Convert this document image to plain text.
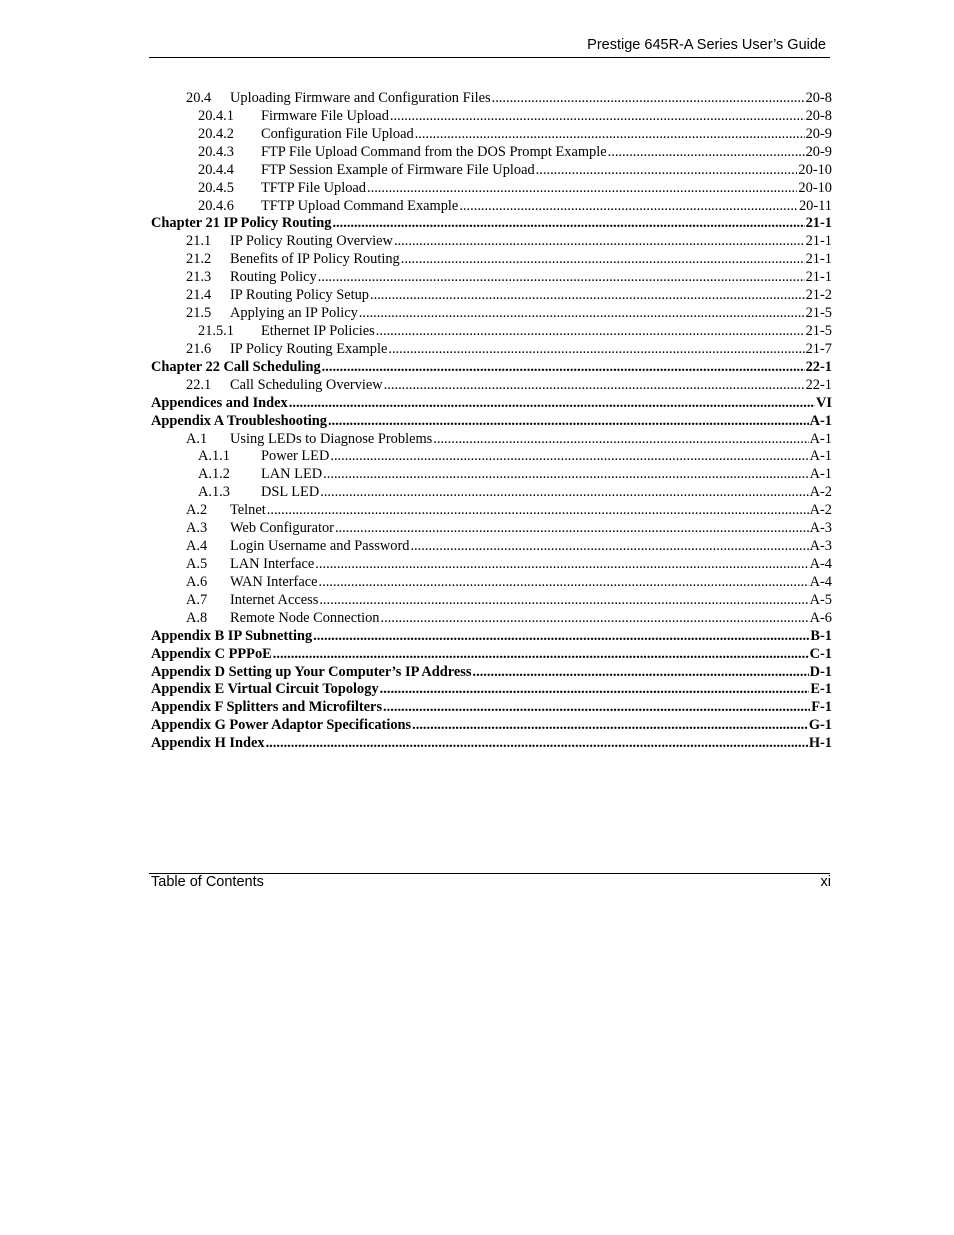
Prestige 645R-A Series User’s Guide
20.4	Uploading Firmware and Configuration Files .....	20-8
20.4.1	Firmware File Upload .....	20-8
20.4.2	Configuration File Upload .....	20-9
20.4.3	FTP File Upload Command from the DOS Prompt Example .....	20-9
20.4.4	FTP Session Example of Firmware File Upload .....	20-10
20.4.5	TFTP File Upload .....	20-10
20.4.6	TFTP Upload Command Example .....	20-11
Chapter 21 IP Policy Routing .....	21-1
21.1	IP Policy Routing Overview .....	21-1
21.2	Benefits of IP Policy Routing .....	21-1
21.3	Routing Policy .....	21-1
21.4	IP Routing Policy Setup .....	21-2
21.5	Applying an IP Policy .....	21-5
21.5.1	Ethernet IP Policies .....	21-5
21.6	IP Policy Routing Example .....	21-7
Chapter 22 Call Scheduling .....	22-1
22.1	Call Scheduling Overview .....	22-1
Appendices and Index .....	VI
Appendix A Troubleshooting .....	A-1
A.1	Using LEDs to Diagnose Problems .....	A-1
A.1.1	Power LED .....	A-1
A.1.2	LAN LED .....	A-1
A.1.3	DSL LED .....	A-2
A.2	Telnet .....	A-2
A.3	Web Configurator .....	A-3
A.4	Login Username and Password .....	A-3
A.5	LAN Interface .....	A-4
A.6	WAN Interface .....	A-4
A.7	Internet Access .....	A-5
A.8	Remote Node Connection .....	A-6
Appendix B IP Subnetting .....	B-1
Appendix C PPPoE .....	C-1
Appendix D Setting up Your Computer’s IP Address .....	D-1
Appendix E Virtual Circuit Topology .....	E-1
Appendix F Splitters and Microfilters .....	F-1
Appendix G Power Adaptor Specifications .....	G-1
Appendix H Index .....	H-1
Table of Contents	xi
